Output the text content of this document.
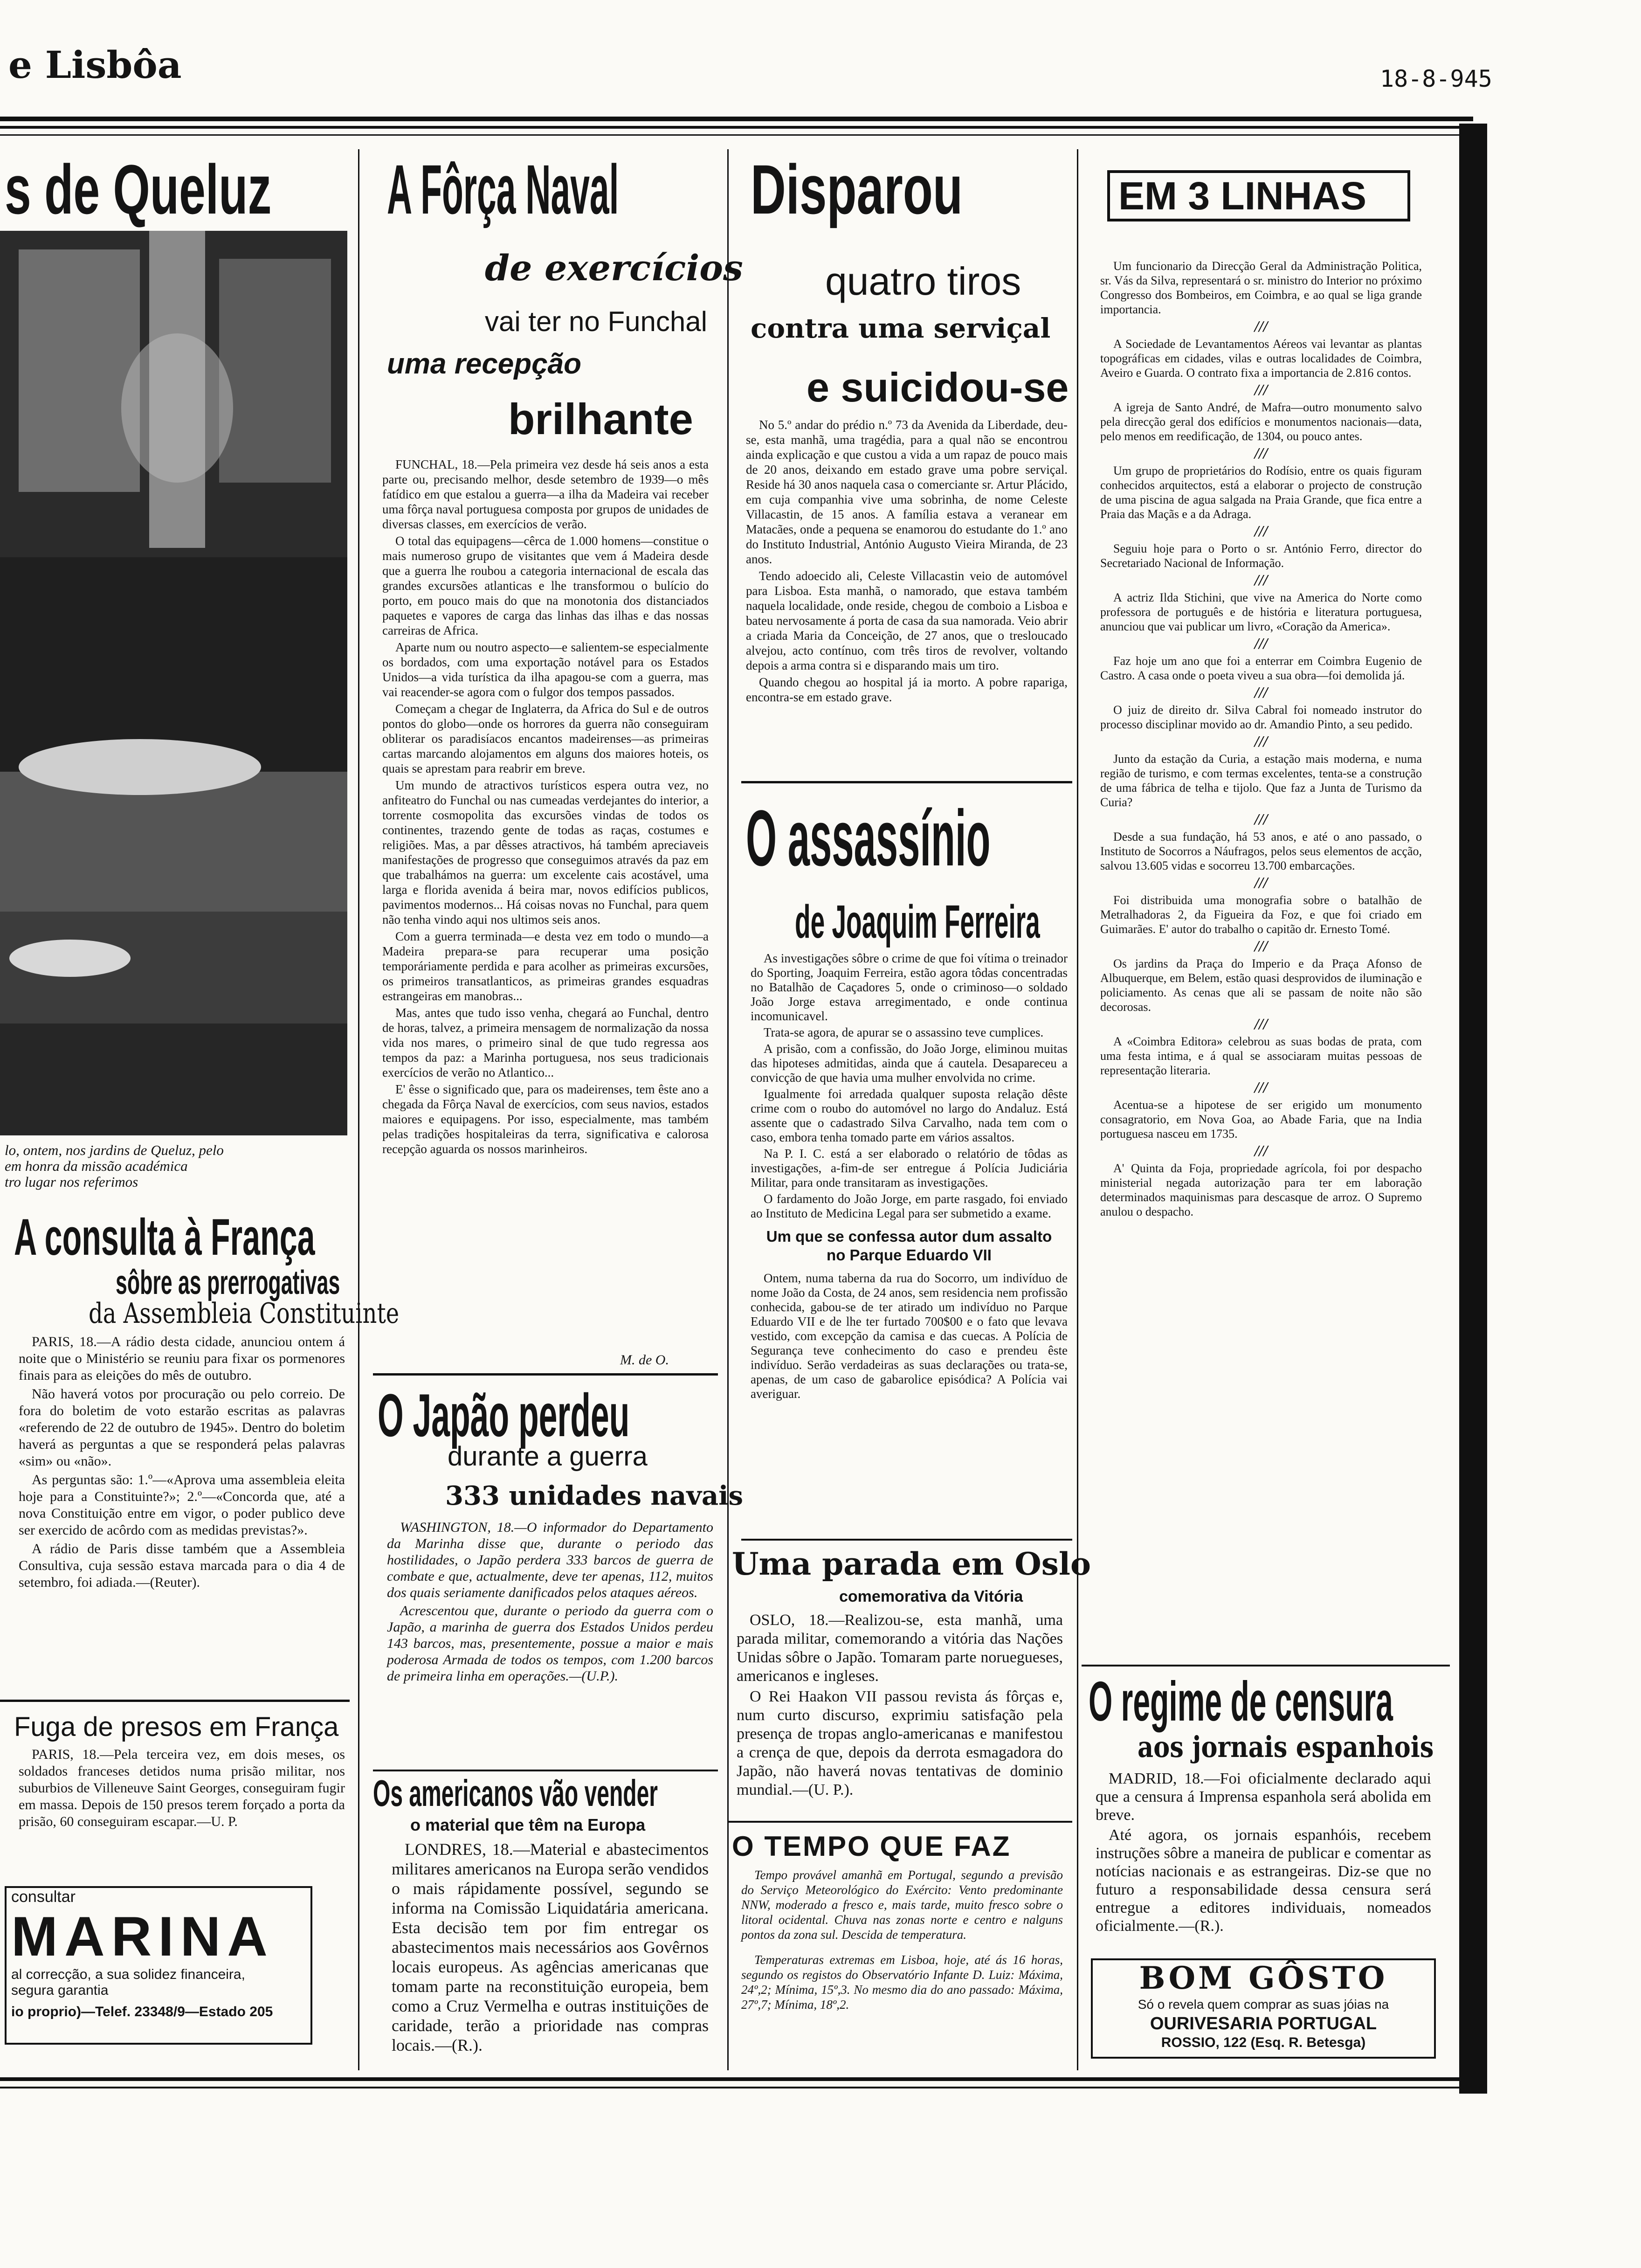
e Lisbôa	18-8-945
s de Queluz
lo, ontem, nos jardins de Queluz, pelo
em honra da missão académica
tro lugar nos referimos
A consulta à França
sôbre as prerrogativas
da Assembleia Constituinte

PARIS, 18.—A rádio desta cidade, anunciou ontem á noite que o Ministério se reuniu para fixar os pormenores finais para as eleições do mês de outubro.

Não haverá votos por procuração ou pelo correio. De fora do boletim de voto estarão escritas as palavras «referendo de 22 de outubro de 1945». Dentro do boletim haverá as perguntas a que se responderá pelas palavras «sim» ou «não».

As perguntas são: 1.º—«Aprova uma assembleia eleita hoje para a Constituinte?»; 2.º—«Concorda que, até a nova Constituição entre em vigor, o poder publico deve ser exercido de acôrdo com as medidas previstas?».

A rádio de Paris disse também que a Assembleia Consultiva, cuja sessão estava marcada para o dia 4 de setembro, foi adiada.—(Reuter).

Fuga de presos em França

PARIS, 18.—Pela terceira vez, em dois meses, os soldados franceses detidos numa prisão militar, nos suburbios de Villeneuve Saint Georges, conseguiram fugir em massa. Depois de 150 presos terem forçado a porta da prisão, 60 conseguiram escapar.—U. P.

consultar
MARINA
al correcção, a sua solidez financeira,
segura garantia
io proprio)—Telef. 23348/9—Estado 205
A Fôrça Naval
de exercícios
vai ter no Funchal
uma recepção
brilhante

FUNCHAL, 18.—Pela primeira vez desde há seis anos a esta parte ou, precisando melhor, desde setembro de 1939—o mês fatídico em que estalou a guerra—a ilha da Madeira vai receber uma fôrça naval portuguesa composta por grupos de unidades de diversas classes, em exercícios de verão.

O total das equipagens—cêrca de 1.000 homens—constitue o mais numeroso grupo de visitantes que vem á Madeira desde que a guerra lhe roubou a categoria internacional de escala das grandes excursões atlanticas e lhe transformou o bulício do porto, em pouco mais do que na monotonia dos distanciados paquetes e vapores de carga das linhas das ilhas e das nossas carreiras de Africa.

Aparte num ou noutro aspecto—e salientem-se especialmente os bordados, com uma exportação notável para os Estados Unidos—a vida turística da ilha apagou-se com a guerra, mas vai reacender-se agora com o fulgor dos tempos passados.

Começam a chegar de Inglaterra, da Africa do Sul e de outros pontos do globo—onde os horrores da guerra não conseguiram obliterar os paradisíacos encantos madeirenses—as primeiras cartas marcando alojamentos em alguns dos maiores hoteis, os quais se aprestam para reabrir em breve.

Um mundo de atractivos turísticos espera outra vez, no anfiteatro do Funchal ou nas cumeadas verdejantes do interior, a torrente cosmopolita das excursões vindas de todos os continentes, trazendo gente de todas as raças, costumes e religiões. Mas, a par dêsses atractivos, há também apreciaveis manifestações de progresso que conseguimos através da paz em que trabalhámos na guerra: um excelente cais acostável, uma larga e florida avenida á beira mar, novos edifícios publicos, pavimentos modernos... Há coisas novas no Funchal, para quem não tenha vindo aqui nos ultimos seis anos.

Com a guerra terminada—e desta vez em todo o mundo—a Madeira prepara-se para recuperar uma posição temporáriamente perdida e para acolher as primeiras excursões, os primeiros transatlanticos, as primeiras grandes esquadras estrangeiras em manobras...

Mas, antes que tudo isso venha, chegará ao Funchal, dentro de horas, talvez, a primeira mensagem de normalização da nossa vida nos mares, o primeiro sinal de que tudo regressa aos tempos da paz: a Marinha portuguesa, nos seus tradicionais exercícios de verão no Atlantico...

E' êsse o significado que, para os madeirenses, tem êste ano a chegada da Fôrça Naval de exercícios, com seus navios, estados maiores e equipagens. Por isso, especialmente, mas também pelas tradições hospitaleiras da terra, significativa e calorosa recepção aguarda os nossos marinheiros.

M. de O.
O Japão perdeu
durante a guerra
333 unidades navais

WASHINGTON, 18.—O informador do Departamento da Marinha disse que, durante o periodo das hostilidades, o Japão perdera 333 barcos de guerra de combate e que, actualmente, deve ter apenas, 112, muitos dos quais seriamente danificados pelos ataques aéreos.

Acrescentou que, durante o periodo da guerra com o Japão, a marinha de guerra dos Estados Unidos perdeu 143 barcos, mas, presentemente, possue a maior e mais poderosa Armada de todos os tempos, com 1.200 barcos de primeira linha em operações.—(U.P.).

Os americanos vão vender
o material que têm na Europa

LONDRES, 18.—Material e abastecimentos militares americanos na Europa serão vendidos o mais rápidamente possível, segundo se informa na Comissão Liquidatária americana. Esta decisão tem por fim entregar os abastecimentos mais necessários aos Govêrnos locais europeus. As agências americanas que tomam parte na reconstituição europeia, bem como a Cruz Vermelha e outras instituições de caridade, terão a prioridade nas compras locais.—(R.).

Disparou
quatro tiros
contra uma serviçal
e suicidou-se

No 5.º andar do prédio n.º 73 da Avenida da Liberdade, deu-se, esta manhã, uma tragédia, para a qual não se encontrou ainda explicação e que custou a vida a um rapaz de pouco mais de 20 anos, deixando em estado grave uma pobre serviçal. Reside há 30 anos naquela casa o comerciante sr. Artur Plácido, em cuja companhia vive uma sobrinha, de nome Celeste Villacastin, de 15 anos. A família estava a veranear em Matacães, onde a pequena se enamorou do estudante do 1.º ano do Instituto Industrial, António Augusto Vieira Miranda, de 23 anos.

Tendo adoecido ali, Celeste Villacastin veio de automóvel para Lisboa. Esta manhã, o namorado, que estava também naquela localidade, onde reside, chegou de comboio a Lisboa e bateu nervosamente á porta de casa da sua namorada. Veio abrir a criada Maria da Conceição, de 27 anos, que o tresloucado alvejou, acto contínuo, com três tiros de revolver, voltando depois a arma contra si e disparando mais um tiro.

Quando chegou ao hospital já ia morto. A pobre rapariga, encontra-se em estado grave.

O assassínio
de Joaquim Ferreira

As investigações sôbre o crime de que foi vítima o treinador do Sporting, Joaquim Ferreira, estão agora tôdas concentradas no Batalhão de Caçadores 5, onde o criminoso—o soldado João Jorge estava arregimentado, e onde continua incomunicavel.

Trata-se agora, de apurar se o assassino teve cumplices.

A prisão, com a confissão, do João Jorge, eliminou muitas das hipoteses admitidas, ainda que á cautela. Desapareceu a convicção de que havia uma mulher envolvida no crime.

Igualmente foi arredada qualquer suposta relação dêste crime com o roubo do automóvel no largo do Andaluz. Está assente que o cadastrado Silva Carvalho, nada tem com o caso, embora tenha tomado parte em vários assaltos.

Na P. I. C. está a ser elaborado o relatório de tôdas as investigações, a-fim-de ser entregue á Polícia Judiciária Militar, para onde transitaram as investigações.

O fardamento do João Jorge, em parte rasgado, foi enviado ao Instituto de Medicina Legal para ser submetido a exame.

Um que se confessa autor dum assalto no Parque Eduardo VII

Ontem, numa taberna da rua do Socorro, um indivíduo de nome João da Costa, de 24 anos, sem residencia nem profissão conhecida, gabou-se de ter atirado um indivíduo no Parque Eduardo VII e de lhe ter furtado 700$00 e o fato que levava vestido, com excepção da camisa e das cuecas. A Polícia de Segurança teve conhecimento do caso e prendeu êste indivíduo. Serão verdadeiras as suas declarações ou trata-se, apenas, de um caso de gabarolice episódica? A Polícia vai averiguar.

Uma parada em Oslo
comemorativa da Vitória

OSLO, 18.—Realizou-se, esta manhã, uma parada militar, comemorando a vitória das Nações Unidas sôbre o Japão. Tomaram parte noruegueses, americanos e ingleses.

O Rei Haakon VII passou revista ás fôrças e, num curto discurso, exprimiu satisfação pela presença de tropas anglo-americanas e manifestou a crença de que, depois da derrota esmagadora do Japão, não haverá novas tentativas de dominio mundial.—(U. P.).

O TEMPO QUE FAZ

Tempo provável amanhã em Portugal, segundo a previsão do Serviço Meteorológico do Exército: Vento predominante NNW, moderado a fresco e, mais tarde, muito fresco sobre o litoral ocidental. Chuva nas zonas norte e centro e nalguns pontos da zona sul. Descida de temperatura.

Temperaturas extremas em Lisboa, hoje, até ás 16 horas, segundo os registos do Observatório Infante D. Luiz: Máxima, 24º,2; Mínima, 15º,3. No mesmo dia do ano passado: Máxima, 27º,7; Mínima, 18º,2.

EM 3 LINHAS

Um funcionario da Direcção Geral da Administração Politica, sr. Vás da Silva, representará o sr. ministro do Interior no próximo Congresso dos Bombeiros, em Coimbra, e ao qual se liga grande importancia.

///

A Sociedade de Levantamentos Aéreos vai levantar as plantas topográficas em cidades, vilas e outras localidades de Coimbra, Aveiro e Guarda. O contrato fixa a importancia de 2.816 contos.

///

A igreja de Santo André, de Mafra—outro monumento salvo pela direcção geral dos edifícios e monumentos nacionais—data, pelo menos em reedificação, de 1304, ou pouco antes.

///

Um grupo de proprietários do Rodísio, entre os quais figuram conhecidos arquitectos, está a elaborar o projecto de construção de uma piscina de agua salgada na Praia Grande, que fica entre a Praia das Maçãs e a da Adraga.

///

Seguiu hoje para o Porto o sr. António Ferro, director do Secretariado Nacional de Informação.

///

A actriz Ilda Stichini, que vive na America do Norte como professora de português e de história e literatura portuguesa, anunciou que vai publicar um livro, «Coração da America».

///

Faz hoje um ano que foi a enterrar em Coimbra Eugenio de Castro. A casa onde o poeta viveu a sua obra—foi demolida já.

///

O juiz de direito dr. Silva Cabral foi nomeado instrutor do processo disciplinar movido ao dr. Amandio Pinto, a seu pedido.

///

Junto da estação da Curia, a estação mais moderna, e numa região de turismo, e com termas excelentes, tenta-se a construção de uma fábrica de telha e tijolo. Que faz a Junta de Turismo da Curia?

///

Desde a sua fundação, há 53 anos, e até o ano passado, o Instituto de Socorros a Náufragos, pelos seus elementos de acção, salvou 13.605 vidas e socorreu 13.700 embarcações.

///

Foi distribuida uma monografia sobre o batalhão de Metralhadoras 2, da Figueira da Foz, e que foi criado em Guimarães. E' autor do trabalho o capitão dr. Ernesto Tomé.

///

Os jardins da Praça do Imperio e da Praça Afonso de Albuquerque, em Belem, estão quasi desprovidos de iluminação e policiamento. As cenas que ali se passam de noite não são decorosas.

///

A «Coimbra Editora» celebrou as suas bodas de prata, com uma festa intima, e á qual se associaram muitas pessoas de representação literaria.

///

Acentua-se a hipotese de ser erigido um monumento consagratorio, em Nova Goa, ao Abade Faria, que na India portuguesa nasceu em 1735.

///

A' Quinta da Foja, propriedade agrícola, foi por despacho ministerial negada autorização para ter em laboração determinados maquinismas para descasque de arroz. O Supremo anulou o despacho.

O regime de censura
aos jornais espanhois

MADRID, 18.—Foi oficialmente declarado aqui que a censura á Imprensa espanhola será abolida em breve.

Até agora, os jornais espanhóis, recebem instruções sôbre a maneira de publicar e comentar as notícias nacionais e as estrangeiras. Diz-se que no futuro a responsabilidade dessa censura será entregue a editores individuais, nomeados oficialmente.—(R.).

BOM GÔSTO
Só o revela quem comprar as suas jóias na
OURIVESARIA PORTUGAL
ROSSIO, 122 (Esq. R. Betesga)
